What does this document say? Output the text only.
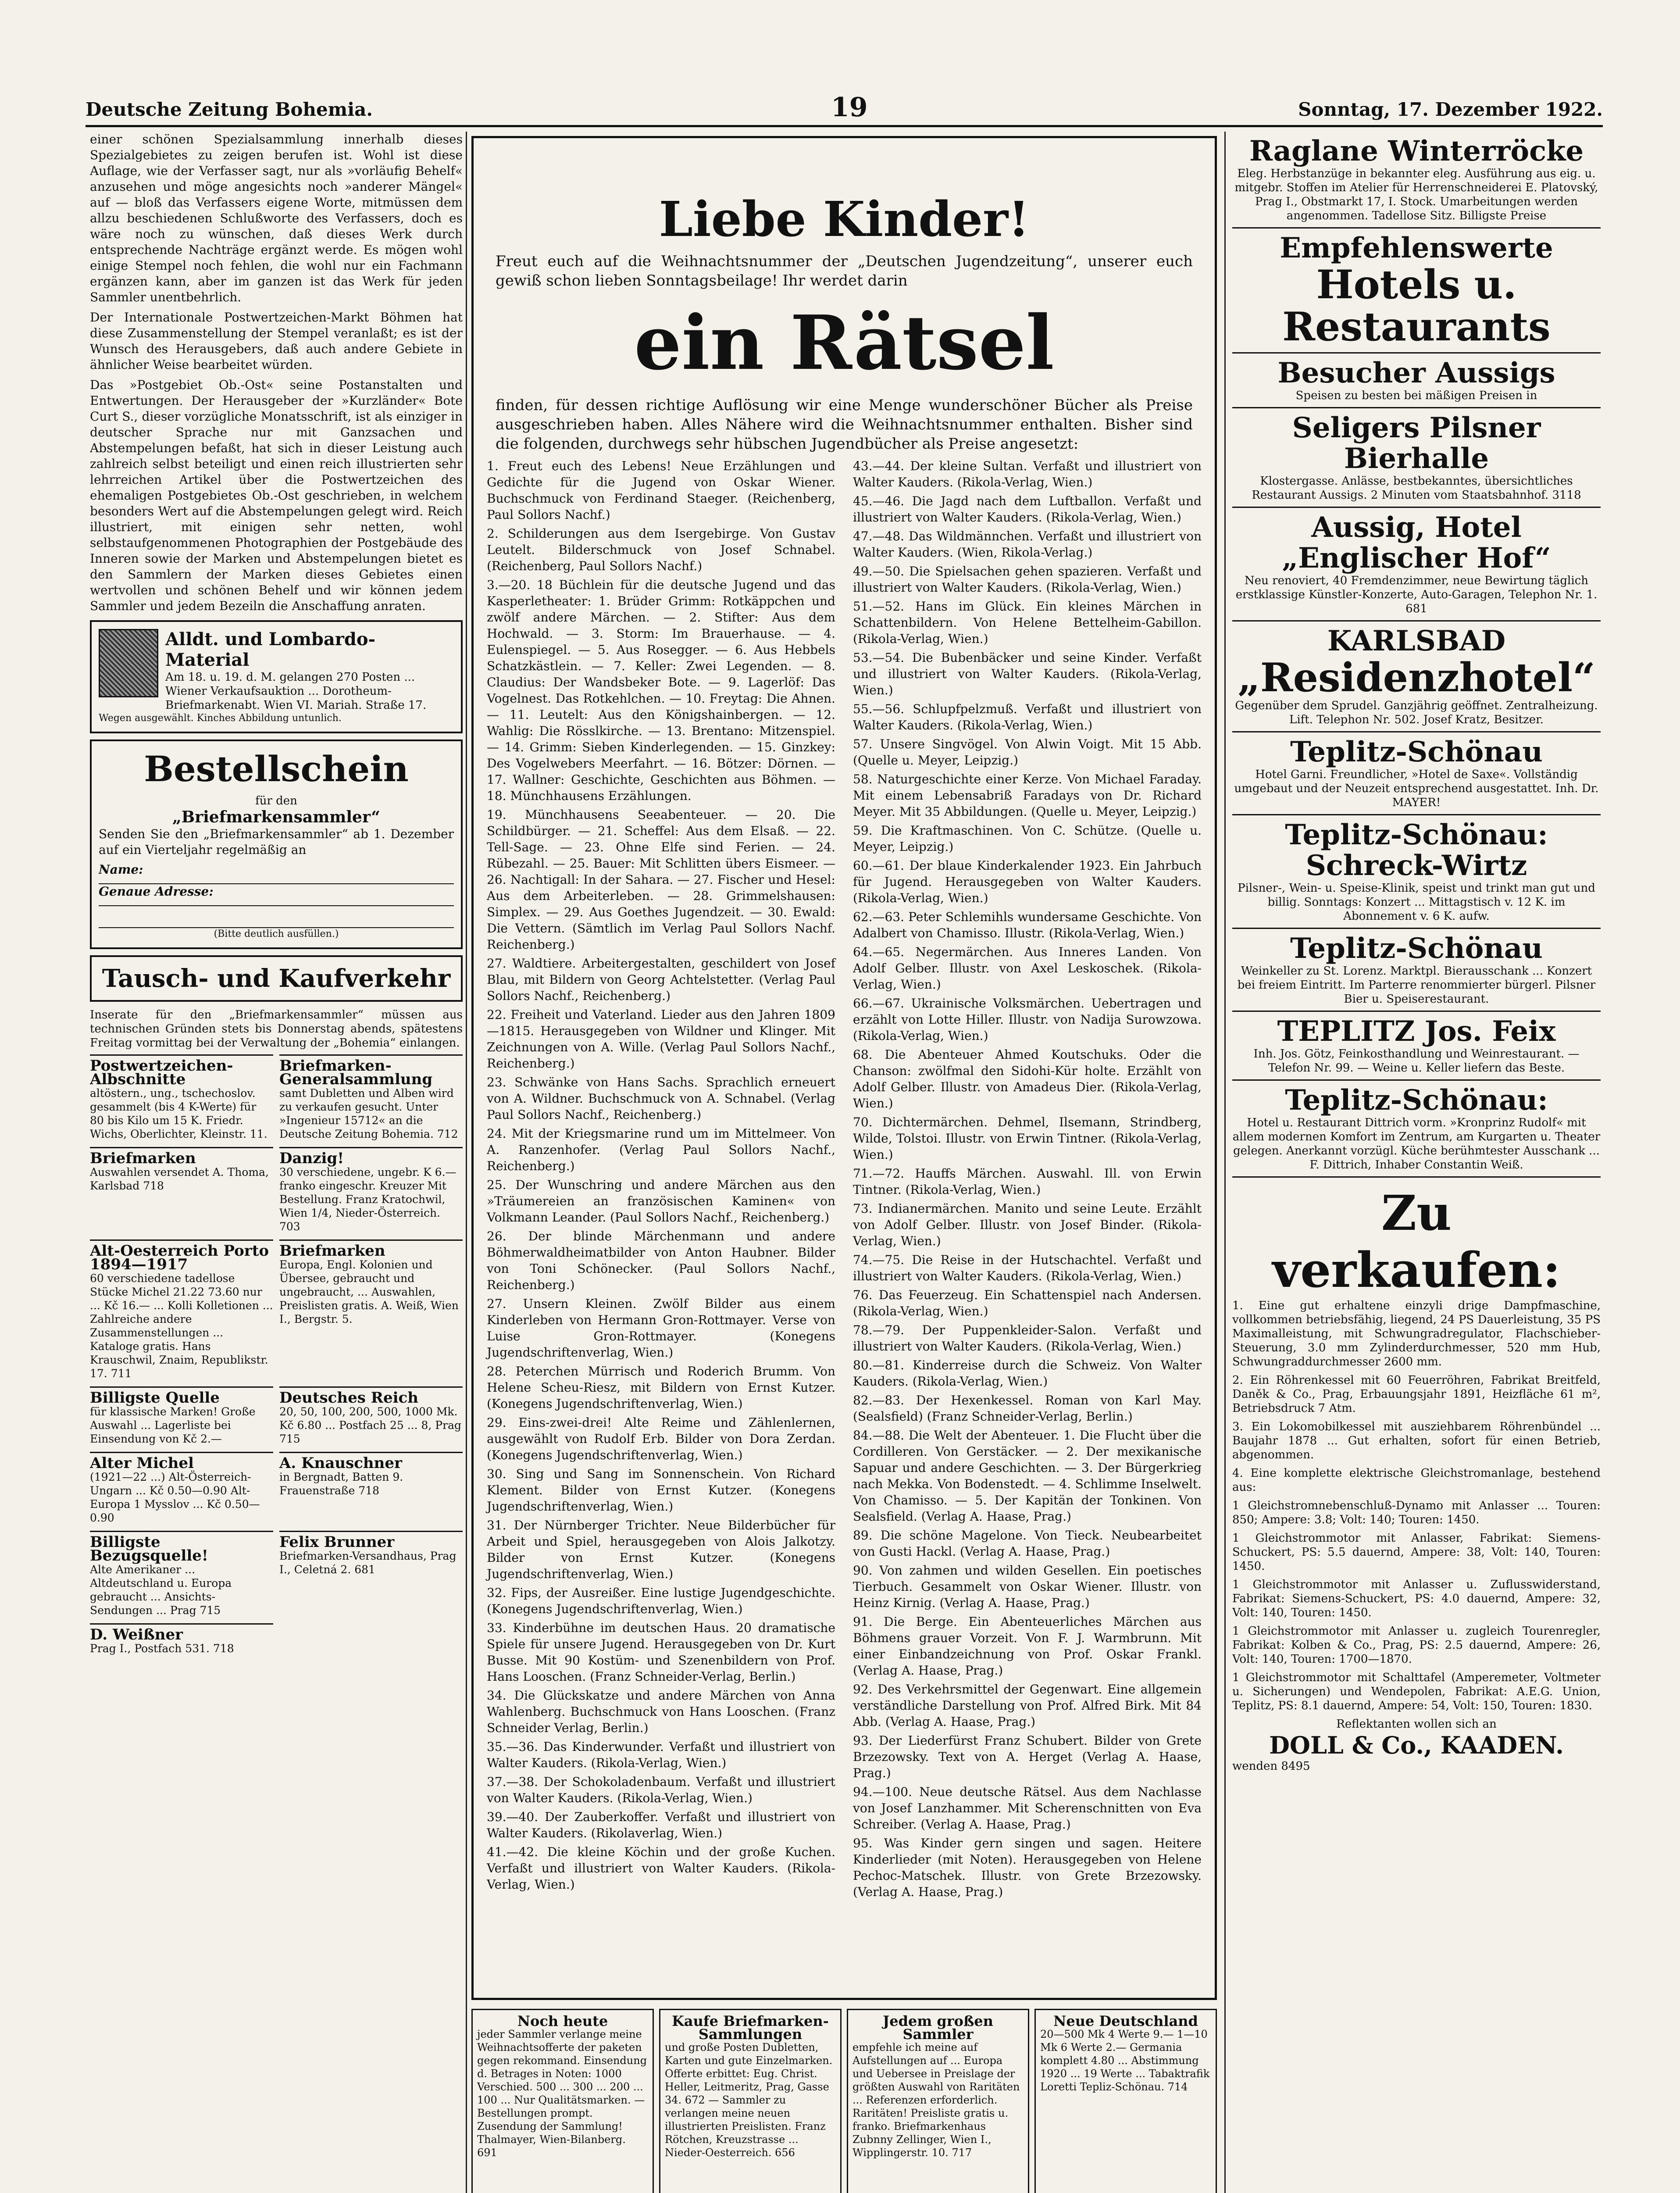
Deutsche Zeitung Bohemia.	19	Sonntag, 17. Dezember 1922.

einer schönen Spezialsammlung innerhalb dieses Spezialgebietes zu zeigen berufen ist. Wohl ist diese Auflage, wie der Verfasser sagt, nur als »vorläufig Behelf« anzusehen und möge angesichts noch »anderer Mängel« auf — bloß das Verfassers eigene Worte, mitmüssen dem allzu beschiedenen Schlußworte des Verfassers, doch es wäre noch zu wünschen, daß dieses Werk durch entsprechende Nachträge ergänzt werde. Es mögen wohl einige Stempel noch fehlen, die wohl nur ein Fachmann ergänzen kann, aber im ganzen ist das Werk für jeden Sammler unentbehrlich.

Der Internationale Postwertzeichen-Markt Böhmen hat diese Zusammenstellung der Stempel veranlaßt; es ist der Wunsch des Herausgebers, daß auch andere Gebiete in ähnlicher Weise bearbeitet würden.

Das »Postgebiet Ob.-Ost« seine Postanstalten und Entwertungen. Der Herausgeber der »Kurzländer« Bote Curt S., dieser vorzügliche Monatsschrift, ist als einziger in deutscher Sprache nur mit Ganzsachen und Abstempelungen befaßt, hat sich in dieser Leistung auch zahlreich selbst beteiligt und einen reich illustrierten sehr lehrreichen Artikel über die Postwertzeichen des ehemaligen Postgebietes Ob.-Ost geschrieben, in welchem besonders Wert auf die Abstempelungen gelegt wird. Reich illustriert, mit einigen sehr netten, wohl selbstaufgenommenen Photographien der Postgebäude des Inneren sowie der Marken und Abstempelungen bietet es den Sammlern der Marken dieses Gebietes einen wertvollen und schönen Behelf und wir können jedem Sammler und jedem Bezeiln die Anschaffung anraten.

Alldt. und Lombardo-Material
Am 18. u. 19. d. M. gelangen 270 Posten ... Wiener Verkaufsauktion ... Dorotheum-Briefmarkenabt. Wien VI. Mariah. Straße 17.
Wegen ausgewählt. Kinches Abbildung untunlich.
Bestellschein
für den
„Briefmarkensammler“

Senden Sie den „Briefmarkensammler“ ab 1. Dezember auf ein Vierteljahr regelmäßig an

Name:
Genaue Adresse:
(Bitte deutlich ausfüllen.)
Tausch- und Kaufverkehr

Inserate für den „Briefmarkensammler“ müssen aus technischen Gründen stets bis Donnerstag abends, spätestens Freitag vormittag bei der Verwaltung der „Bohemia“ einlangen.

Postwertzeichen-Albschnitte
altöstern., ung., tschechoslov. gesammelt (bis 4 K-Werte) für 80 bis Kilo um 15 K. Friedr. Wichs, Oberlichter, Kleinstr. 11.
Briefmarken-Generalsammlung
samt Dubletten und Alben wird zu verkaufen gesucht. Unter »Ingenieur 15712« an die Deutsche Zeitung Bohemia. 712
Briefmarken
Auswahlen versendet A. Thoma, Karlsbad 718
Danzig!
30 verschiedene, ungebr. K 6.— franko eingeschr. Kreuzer Mit Bestellung. Franz Kratochwil, Wien 1/4, Nieder-Österreich. 703
Alt-Oesterreich Porto 1894—1917
60 verschiedene tadellose Stücke Michel 21.22 73.60 nur ... Kč 16.— ... Kolli Kolletionen ... Zahlreiche andere Zusammenstellungen ... Kataloge gratis. Hans Krauschwil, Znaim, Republikstr. 17. 711
Briefmarken
Europa, Engl. Kolonien und Übersee, gebraucht und ungebraucht, ... Auswahlen, Preislisten gratis. A. Weiß, Wien I., Bergstr. 5.
Billigste Quelle
für klassische Marken! Große Auswahl ... Lagerliste bei Einsendung von Kč 2.—
Deutsches Reich
20, 50, 100, 200, 500, 1000 Mk. Kč 6.80 ... Postfach 25 ... 8, Prag 715
Alter Michel
(1921—22 ...) Alt-Österreich-Ungarn ... Kč 0.50—0.90 Alt-Europa 1 Mysslov ... Kč 0.50—0.90
A. Knauschner
in Bergnadt, Batten 9. Frauenstraße 718
Billigste Bezugsquelle!
Alte Amerikaner ... Altdeutschland u. Europa gebraucht ... Ansichts-Sendungen ... Prag 715
Felix Brunner
Briefmarken-Versandhaus, Prag I., Celetná 2. 681
D. Weißner
Prag I., Postfach 531. 718
Liebe Kinder!

Freut euch auf die Weihnachtsnummer der „Deutschen Jugendzeitung“, unserer euch gewiß schon lieben Sonntagsbeilage! Ihr werdet darin

ein Rätsel

finden, für dessen richtige Auflösung wir eine Menge wunderschöner Bücher als Preise ausgeschrieben haben. Alles Nähere wird die Weihnachtsnummer enthalten. Bisher sind die folgenden, durchwegs sehr hübschen Jugendbücher als Preise angesetzt:

1. Freut euch des Lebens! Neue Erzählungen und Gedichte für die Jugend von Oskar Wiener. Buchschmuck von Ferdinand Staeger. (Reichenberg, Paul Sollors Nachf.)
2. Schilderungen aus dem Isergebirge. Von Gustav Leutelt. Bilderschmuck von Josef Schnabel. (Reichenberg, Paul Sollors Nachf.)
3.—20. 18 Büchlein für die deutsche Jugend und das Kasperletheater: 1. Brüder Grimm: Rotkäppchen und zwölf andere Märchen. — 2. Stifter: Aus dem Hochwald. — 3. Storm: Im Brauerhause. — 4. Eulenspiegel. — 5. Aus Rosegger. — 6. Aus Hebbels Schatzkästlein. — 7. Keller: Zwei Legenden. — 8. Claudius: Der Wandsbeker Bote. — 9. Lagerlöf: Das Vogelnest. Das Rotkehlchen. — 10. Freytag: Die Ahnen. — 11. Leutelt: Aus den Königshainbergen. — 12. Wahlig: Die Rösslkirche. — 13. Brentano: Mitzenspiel. — 14. Grimm: Sieben Kinderlegenden. — 15. Ginzkey: Des Vogelwebers Meerfahrt. — 16. Bötzer: Dörnen. — 17. Wallner: Geschichte, Geschichten aus Böhmen. — 18. Münchhausens Erzählungen.
19. Münchhausens Seeabenteuer. — 20. Die Schildbürger. — 21. Scheffel: Aus dem Elsaß. — 22. Tell-Sage. — 23. Ohne Elfe sind Ferien. — 24. Rübezahl. — 25. Bauer: Mit Schlitten übers Eismeer. — 26. Nachtigall: In der Sahara. — 27. Fischer und Hesel: Aus dem Arbeiterleben. — 28. Grimmelshausen: Simplex. — 29. Aus Goethes Jugendzeit. — 30. Ewald: Die Vettern. (Sämtlich im Verlag Paul Sollors Nachf. Reichenberg.)
27. Waldtiere. Arbeitergestalten, geschildert von Josef Blau, mit Bildern von Georg Achtelstetter. (Verlag Paul Sollors Nachf., Reichenberg.)
22. Freiheit und Vaterland. Lieder aus den Jahren 1809—1815. Herausgegeben von Wildner und Klinger. Mit Zeichnungen von A. Wille. (Verlag Paul Sollors Nachf., Reichenberg.)
23. Schwänke von Hans Sachs. Sprachlich erneuert von A. Wildner. Buchschmuck von A. Schnabel. (Verlag Paul Sollors Nachf., Reichenberg.)
24. Mit der Kriegsmarine rund um im Mittelmeer. Von A. Ranzenhofer. (Verlag Paul Sollors Nachf., Reichenberg.)
25. Der Wunschring und andere Märchen aus den »Träumereien an französischen Kaminen« von Volkmann Leander. (Paul Sollors Nachf., Reichenberg.)
26. Der blinde Märchenmann und andere Böhmerwaldheimatbilder von Anton Haubner. Bilder von Toni Schönecker. (Paul Sollors Nachf., Reichenberg.)
27. Unsern Kleinen. Zwölf Bilder aus einem Kinderleben von Hermann Gron-Rottmayer. Verse von Luise Gron-Rottmayer. (Konegens Jugendschriftenverlag, Wien.)
28. Peterchen Mürrisch und Roderich Brumm. Von Helene Scheu-Riesz, mit Bildern von Ernst Kutzer. (Konegens Jugendschriftenverlag, Wien.)
29. Eins-zwei-drei! Alte Reime und Zählenlernen, ausgewählt von Rudolf Erb. Bilder von Dora Zerdan. (Konegens Jugendschriftenverlag, Wien.)
30. Sing und Sang im Sonnenschein. Von Richard Klement. Bilder von Ernst Kutzer. (Konegens Jugendschriftenverlag, Wien.)
31. Der Nürnberger Trichter. Neue Bilderbücher für Arbeit und Spiel, herausgegeben von Alois Jalkotzy. Bilder von Ernst Kutzer. (Konegens Jugendschriftenverlag, Wien.)
32. Fips, der Ausreißer. Eine lustige Jugendgeschichte. (Konegens Jugendschriftenverlag, Wien.)
33. Kinderbühne im deutschen Haus. 20 dramatische Spiele für unsere Jugend. Herausgegeben von Dr. Kurt Busse. Mit 90 Kostüm- und Szenenbildern von Prof. Hans Looschen. (Franz Schneider-Verlag, Berlin.)
34. Die Glückskatze und andere Märchen von Anna Wahlenberg. Buchschmuck von Hans Looschen. (Franz Schneider Verlag, Berlin.)
35.—36. Das Kinderwunder. Verfaßt und illustriert von Walter Kauders. (Rikola-Verlag, Wien.)
37.—38. Der Schokoladenbaum. Verfaßt und illustriert von Walter Kauders. (Rikola-Verlag, Wien.)
39.—40. Der Zauberkoffer. Verfaßt und illustriert von Walter Kauders. (Rikolaverlag, Wien.)
41.—42. Die kleine Köchin und der große Kuchen. Verfaßt und illustriert von Walter Kauders. (Rikola-Verlag, Wien.)
43.—44. Der kleine Sultan. Verfaßt und illustriert von Walter Kauders. (Rikola-Verlag, Wien.)
45.—46. Die Jagd nach dem Luftballon. Verfaßt und illustriert von Walter Kauders. (Rikola-Verlag, Wien.)
47.—48. Das Wildmännchen. Verfaßt und illustriert von Walter Kauders. (Wien, Rikola-Verlag.)
49.—50. Die Spielsachen gehen spazieren. Verfaßt und illustriert von Walter Kauders. (Rikola-Verlag, Wien.)
51.—52. Hans im Glück. Ein kleines Märchen in Schattenbildern. Von Helene Bettelheim-Gabillon. (Rikola-Verlag, Wien.)
53.—54. Die Bubenbäcker und seine Kinder. Verfaßt und illustriert von Walter Kauders. (Rikola-Verlag, Wien.)
55.—56. Schlupfpelzmuß. Verfaßt und illustriert von Walter Kauders. (Rikola-Verlag, Wien.)
57. Unsere Singvögel. Von Alwin Voigt. Mit 15 Abb. (Quelle u. Meyer, Leipzig.)
58. Naturgeschichte einer Kerze. Von Michael Faraday. Mit einem Lebensabriß Faradays von Dr. Richard Meyer. Mit 35 Abbildungen. (Quelle u. Meyer, Leipzig.)
59. Die Kraftmaschinen. Von C. Schütze. (Quelle u. Meyer, Leipzig.)
60.—61. Der blaue Kinderkalender 1923. Ein Jahrbuch für Jugend. Herausgegeben von Walter Kauders. (Rikola-Verlag, Wien.)
62.—63. Peter Schlemihls wundersame Geschichte. Von Adalbert von Chamisso. Illustr. (Rikola-Verlag, Wien.)
64.—65. Negermärchen. Aus Inneres Landen. Von Adolf Gelber. Illustr. von Axel Leskoschek. (Rikola-Verlag, Wien.)
66.—67. Ukrainische Volksmärchen. Uebertragen und erzählt von Lotte Hiller. Illustr. von Nadija Surowzowa. (Rikola-Verlag, Wien.)
68. Die Abenteuer Ahmed Koutschuks. Oder die Chanson: zwölfmal den Sidohi-Kür holte. Erzählt von Adolf Gelber. Illustr. von Amadeus Dier. (Rikola-Verlag, Wien.)
70. Dichtermärchen. Dehmel, Ilsemann, Strindberg, Wilde, Tolstoi. Illustr. von Erwin Tintner. (Rikola-Verlag, Wien.)
71.—72. Hauffs Märchen. Auswahl. Ill. von Erwin Tintner. (Rikola-Verlag, Wien.)
73. Indianermärchen. Manito und seine Leute. Erzählt von Adolf Gelber. Illustr. von Josef Binder. (Rikola-Verlag, Wien.)
74.—75. Die Reise in der Hutschachtel. Verfaßt und illustriert von Walter Kauders. (Rikola-Verlag, Wien.)
76. Das Feuerzeug. Ein Schattenspiel nach Andersen. (Rikola-Verlag, Wien.)
78.—79. Der Puppenkleider-Salon. Verfaßt und illustriert von Walter Kauders. (Rikola-Verlag, Wien.)
80.—81. Kinderreise durch die Schweiz. Von Walter Kauders. (Rikola-Verlag, Wien.)
82.—83. Der Hexenkessel. Roman von Karl May. (Sealsfield) (Franz Schneider-Verlag, Berlin.)
84.—88. Die Welt der Abenteuer. 1. Die Flucht über die Cordilleren. Von Gerstäcker. — 2. Der mexikanische Sapuar und andere Geschichten. — 3. Der Bürgerkrieg nach Mekka. Von Bodenstedt. — 4. Schlimme Inselwelt. Von Chamisso. — 5. Der Kapitän der Tonkinen. Von Sealsfield. (Verlag A. Haase, Prag.)
89. Die schöne Magelone. Von Tieck. Neubearbeitet von Gusti Hackl. (Verlag A. Haase, Prag.)
90. Von zahmen und wilden Gesellen. Ein poetisches Tierbuch. Gesammelt von Oskar Wiener. Illustr. von Heinz Kirnig. (Verlag A. Haase, Prag.)
91. Die Berge. Ein Abenteuerliches Märchen aus Böhmens grauer Vorzeit. Von F. J. Warmbrunn. Mit einer Einbandzeichnung von Prof. Oskar Frankl. (Verlag A. Haase, Prag.)
92. Des Verkehrsmittel der Gegenwart. Eine allgemein verständliche Darstellung von Prof. Alfred Birk. Mit 84 Abb. (Verlag A. Haase, Prag.)
93. Der Liederfürst Franz Schubert. Bilder von Grete Brzezowsky. Text von A. Herget (Verlag A. Haase, Prag.)
94.—100. Neue deutsche Rätsel. Aus dem Nachlasse von Josef Lanzhammer. Mit Scherenschnitten von Eva Schreiber. (Verlag A. Haase, Prag.)
95. Was Kinder gern singen und sagen. Heitere Kinderlieder (mit Noten). Herausgegeben von Helene Pechoc-Matschek. Illustr. von Grete Brzezowsky. (Verlag A. Haase, Prag.)
Noch heute
jeder Sammler verlange meine Weihnachtsofferte der paketen gegen rekommand. Einsendung d. Betrages in Noten: 1000 Verschied. 500 ... 300 ... 200 ... 100 ... Nur Qualitätsmarken. — Bestellungen prompt. Zusendung der Sammlung! Thalmayer, Wien-Bilanberg. 691
Kaufe Briefmarken-Sammlungen
und große Posten Dubletten, Karten und gute Einzelmarken. Offerte erbittet: Eug. Christ. Heller, Leitmeritz, Prag, Gasse 34. 672 — Sammler zu verlangen meine neuen illustrierten Preislisten. Franz Rötchen, Kreuzstrasse ... Nieder-Oesterreich. 656
Jedem großen Sammler
empfehle ich meine auf Aufstellungen auf ... Europa und Uebersee in Preislage der größten Auswahl von Raritäten ... Referenzen erforderlich. Raritäten! Preisliste gratis u. franko. Briefmarkenhaus Zubnny Zellinger, Wien I., Wipplingerstr. 10. 717
Neue Deutschland
20—500 Mk 4 Werte 9.— 1—10 Mk 6 Werte 2.— Germania komplett 4.80 ... Abstimmung 1920 ... 19 Werte ... Tabaktrafik Loretti Tepliz-Schönau. 714
Raglane Winterröcke
Eleg. Herbstanzüge in bekannter eleg. Ausführung aus eig. u. mitgebr. Stoffen im Atelier für Herrenschneiderei E. Platovský, Prag I., Obstmarkt 17, I. Stock. Umarbeitungen werden angenommen. Tadellose Sitz. Billigste Preise
Empfehlenswerte
Hotels u. Restaurants
Besucher Aussigs
Speisen zu besten bei mäßigen Preisen in
Seligers Pilsner Bierhalle
Klostergasse. Anlässe, bestbekanntes, übersichtliches Restaurant Aussigs. 2 Minuten vom Staatsbahnhof. 3118
Aussig, Hotel „Englischer Hof“
Neu renoviert, 40 Fremdenzimmer, neue Bewirtung täglich erstklassige Künstler-Konzerte, Auto-Garagen, Telephon Nr. 1. 681
KARLSBAD
„Residenzhotel“
Gegenüber dem Sprudel. Ganzjährig geöffnet. Zentralheizung. Lift. Telephon Nr. 502. Josef Kratz, Besitzer.
Teplitz-Schönau
Hotel Garni. Freundlicher, »Hotel de Saxe«. Vollständig umgebaut und der Neuzeit entsprechend ausgestattet. Inh. Dr. MAYER!
Teplitz-Schönau: Schreck-Wirtz
Pilsner-, Wein- u. Speise-Klinik, speist und trinkt man gut und billig. Sonntags: Konzert ... Mittagstisch v. 12 K. im Abonnement v. 6 K. aufw.
Teplitz-Schönau
Weinkeller zu St. Lorenz. Marktpl. Bierausschank ... Konzert bei freiem Eintritt. Im Parterre renommierter bürgerl. Pilsner Bier u. Speiserestaurant.
TEPLITZ Jos. Feix
Inh. Jos. Götz, Feinkosthandlung und Weinrestaurant. — Telefon Nr. 99. — Weine u. Keller liefern das Beste.
Teplitz-Schönau:
Hotel u. Restaurant Dittrich vorm. »Kronprinz Rudolf« mit allem modernen Komfort im Zentrum, am Kurgarten u. Theater gelegen. Anerkannt vorzügl. Küche berühmtester Ausschank ... F. Dittrich, Inhaber Constantin Weiß.
Zu verkaufen:

1. Eine gut erhaltene einzyli drige Dampfmaschine, vollkommen betriebsfähig, liegend, 24 PS Dauerleistung, 35 PS Maximalleistung, mit Schwungradregulator, Flachschieber-Steuerung, 3.0 mm Zylinderdurchmesser, 520 mm Hub, Schwungraddurchmesser 2600 mm.

2. Ein Röhrenkessel mit 60 Feuerröhren, Fabrikat Breitfeld, Daněk & Co., Prag, Erbauungsjahr 1891, Heizfläche 61 m², Betriebsdruck 7 Atm.

3. Ein Lokomobilkessel mit ausziehbarem Röhrenbündel ... Baujahr 1878 ... Gut erhalten, sofort für einen Betrieb, abgenommen.

4. Eine komplette elektrische Gleichstromanlage, bestehend aus:

1 Gleichstromnebenschluß-Dynamo mit Anlasser ... Touren: 850; Ampere: 3.8; Volt: 140; Touren: 1450.

1 Gleichstrommotor mit Anlasser, Fabrikat: Siemens-Schuckert, PS: 5.5 dauernd, Ampere: 38, Volt: 140, Touren: 1450.

1 Gleichstrommotor mit Anlasser u. Zuflusswiderstand, Fabrikat: Siemens-Schuckert, PS: 4.0 dauernd, Ampere: 32, Volt: 140, Touren: 1450.

1 Gleichstrommotor mit Anlasser u. zugleich Tourenregler, Fabrikat: Kolben & Co., Prag, PS: 2.5 dauernd, Ampere: 26, Volt: 140, Touren: 1700—1870.

1 Gleichstrommotor mit Schalttafel (Amperemeter, Voltmeter u. Sicherungen) und Wendepolen, Fabrikat: A.E.G. Union, Teplitz, PS: 8.1 dauernd, Ampere: 54, Volt: 150, Touren: 1830.

Reflektanten wollen sich an
DOLL & Co., KAADEN.
wenden 8495
